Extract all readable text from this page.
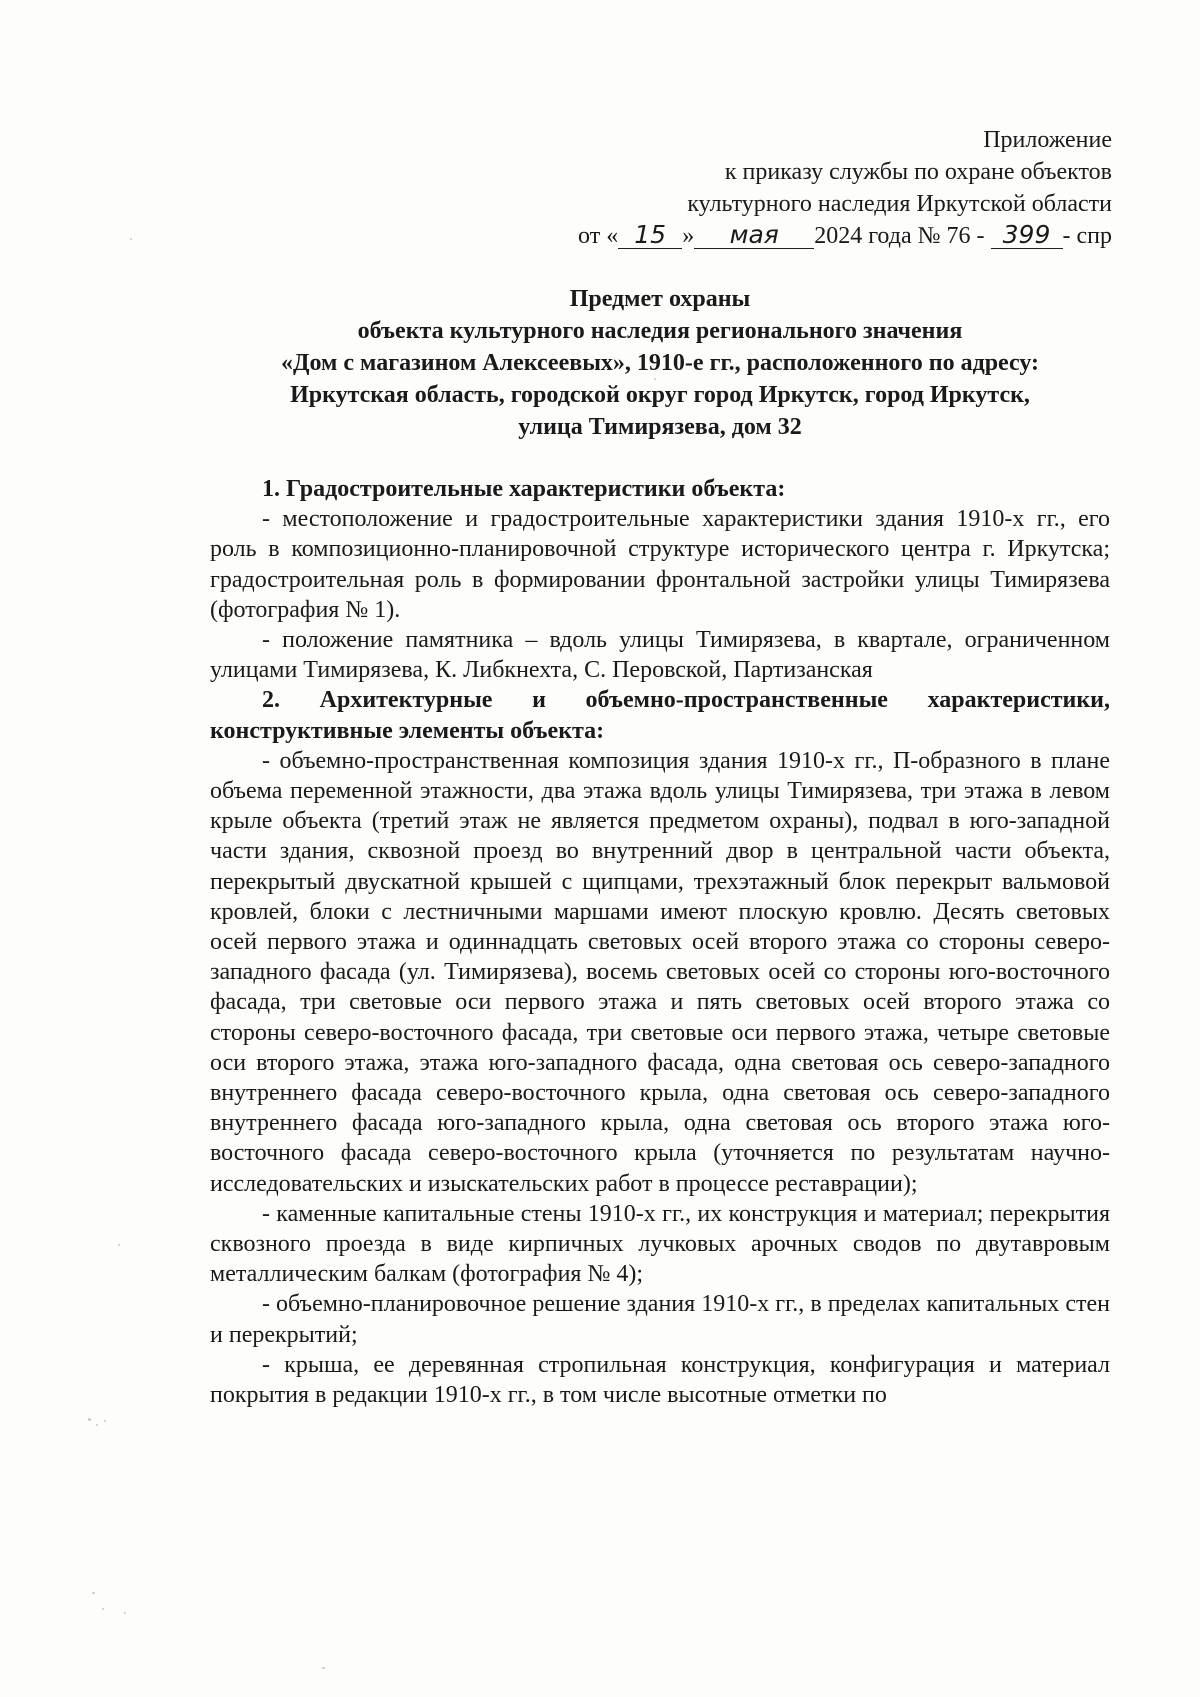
Приложение
к приказу службы по охране объектов
культурного наследия Иркутской области
от « 15 » мая 2024 года № 76 - 399 - спр
Предмет охраны
объекта культурного наследия регионального значения
«Дом с магазином Алексеевых», 1910-е гг., расположенного по адресу:
Иркутская область, городской округ город Иркутск, город Иркутск,
улица Тимирязева, дом 32

1. Градостроительные характеристики объекта:

- местоположение и градостроительные характеристики здания 1910-х гг., его роль в композиционно-планировочной структуре исторического центра г. Иркутска; градостроительная роль в формировании фронтальной застройки улицы Тимирязева (фотография № 1).

- положение памятника – вдоль улицы Тимирязева, в квартале, ограниченном улицами Тимирязева, К. Либкнехта, С. Перовской, Партизанская

2. Архитектурные и объемно-пространственные характеристики, конструктивные элементы объекта:

- объемно-пространственная композиция здания 1910-х гг., П-образного в плане объема переменной этажности, два этажа вдоль улицы Тимирязева, три этажа в левом крыле объекта (третий этаж не является предметом охраны), подвал в юго-западной части здания, сквозной проезд во внутренний двор в центральной части объекта, перекрытый двускатной крышей с щипцами, трехэтажный блок перекрыт вальмовой кровлей, блоки с лестничными маршами имеют плоскую кровлю. Десять световых осей первого этажа и одиннадцать световых осей второго этажа со стороны северо-западного фасада (ул. Тимирязева), восемь световых осей со стороны юго-восточного фасада, три световые оси первого этажа и пять световых осей второго этажа со стороны северо-восточного фасада, три световые оси первого этажа, четыре световые оси второго этажа, этажа юго-западного фасада, одна световая ось северо-западного внутреннего фасада северо-восточного крыла, одна световая ось северо-западного внутреннего фасада юго-западного крыла, одна световая ось второго этажа юго-восточного фасада северо-восточного крыла (уточняется по результатам научно-исследовательских и изыскательских работ в процессе реставрации);

- каменные капитальные стены 1910-х гг., их конструкция и материал; перекрытия сквозного проезда в виде кирпичных лучковых арочных сводов по двутавровым металлическим балкам (фотография № 4);

- объемно-планировочное решение здания 1910-х гг., в пределах капитальных стен и перекрытий;

- крыша, ее деревянная стропильная конструкция, конфигурация и материал покрытия в редакции 1910-х гг., в том числе высотные отметки по
